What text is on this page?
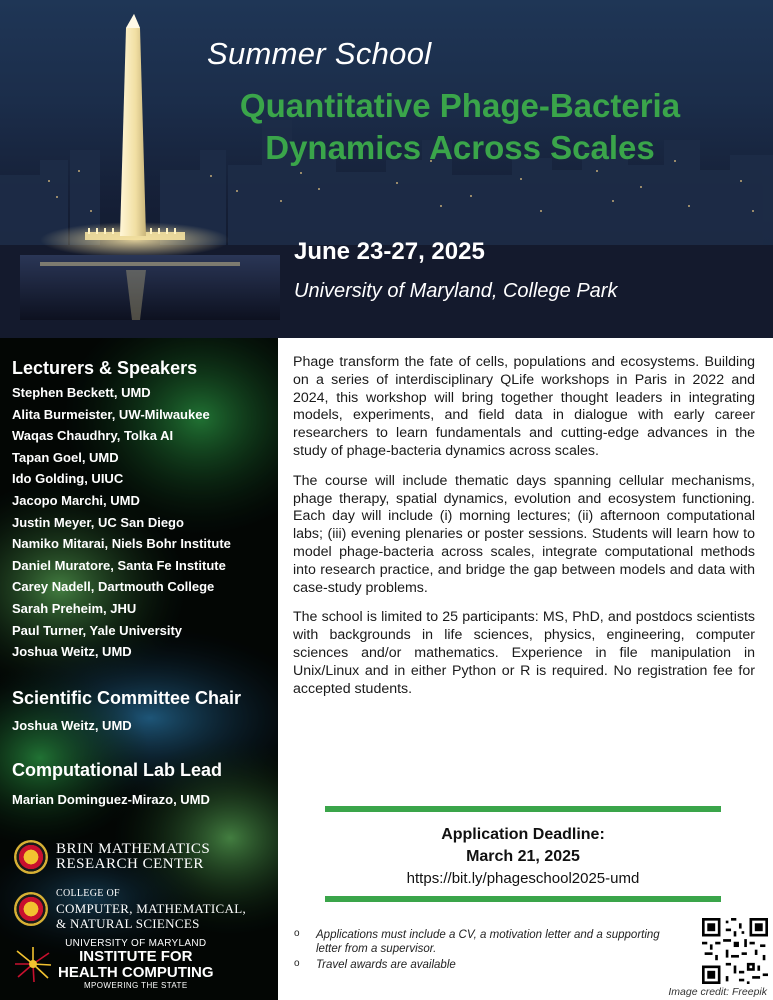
Summer School
Quantitative Phage-Bacteria
Dynamics Across Scales
June 23-27, 2025
University of Maryland, College Park
Lecturers & Speakers
Stephen Beckett, UMD
Alita Burmeister, UW-Milwaukee
Waqas Chaudhry, Tolka AI
Tapan Goel, UMD
Ido Golding, UIUC
Jacopo Marchi, UMD
Justin Meyer, UC San Diego
Namiko Mitarai, Niels Bohr Institute
Daniel Muratore, Santa Fe Institute
Carey Nadell, Dartmouth College
Sarah Preheim, JHU
Paul Turner, Yale University
Joshua Weitz, UMD
Scientific Committee Chair
Joshua Weitz, UMD
Computational Lab Lead
Marian Dominguez-Mirazo, UMD
BRIN MATHEMATICS
RESEARCH CENTER
COLLEGE OF
COMPUTER, MATHEMATICAL,
& NATURAL SCIENCES
UNIVERSITY OF MARYLAND
INSTITUTE FOR
HEALTH COMPUTING
MPOWERING THE STATE

Phage transform the fate of cells, populations and ecosystems. Building on a series of interdisciplinary QLife workshops in Paris in 2022 and 2024, this workshop will bring together thought leaders in integrating models, experiments, and field data in dialogue with early career researchers to learn fundamentals and cutting-edge advances in the study of phage-bacteria dynamics across scales.

The course will include thematic days spanning cellular mechanisms, phage therapy, spatial dynamics, evolution and ecosystem functioning. Each day will include (i) morning lectures; (ii) afternoon computational labs; (iii) evening plenaries or poster sessions. Students will learn how to model phage-bacteria across scales, integrate computational methods into research practice, and bridge the gap between models and data with case-study problems.

The school is limited to 25 participants: MS, PhD, and postdocs scientists with backgrounds in life sciences, physics, engineering, computer sciences and/or mathematics. Experience in file manipulation in Unix/Linux and in either Python or R is required. No registration fee for accepted students.

Application Deadline:
March 21, 2025
https://bit.ly/phageschool2025-umd
o Applications must include a CV, a motivation letter and a supporting letter from a supervisor.
o Travel awards are available
Image credit: Freepik
